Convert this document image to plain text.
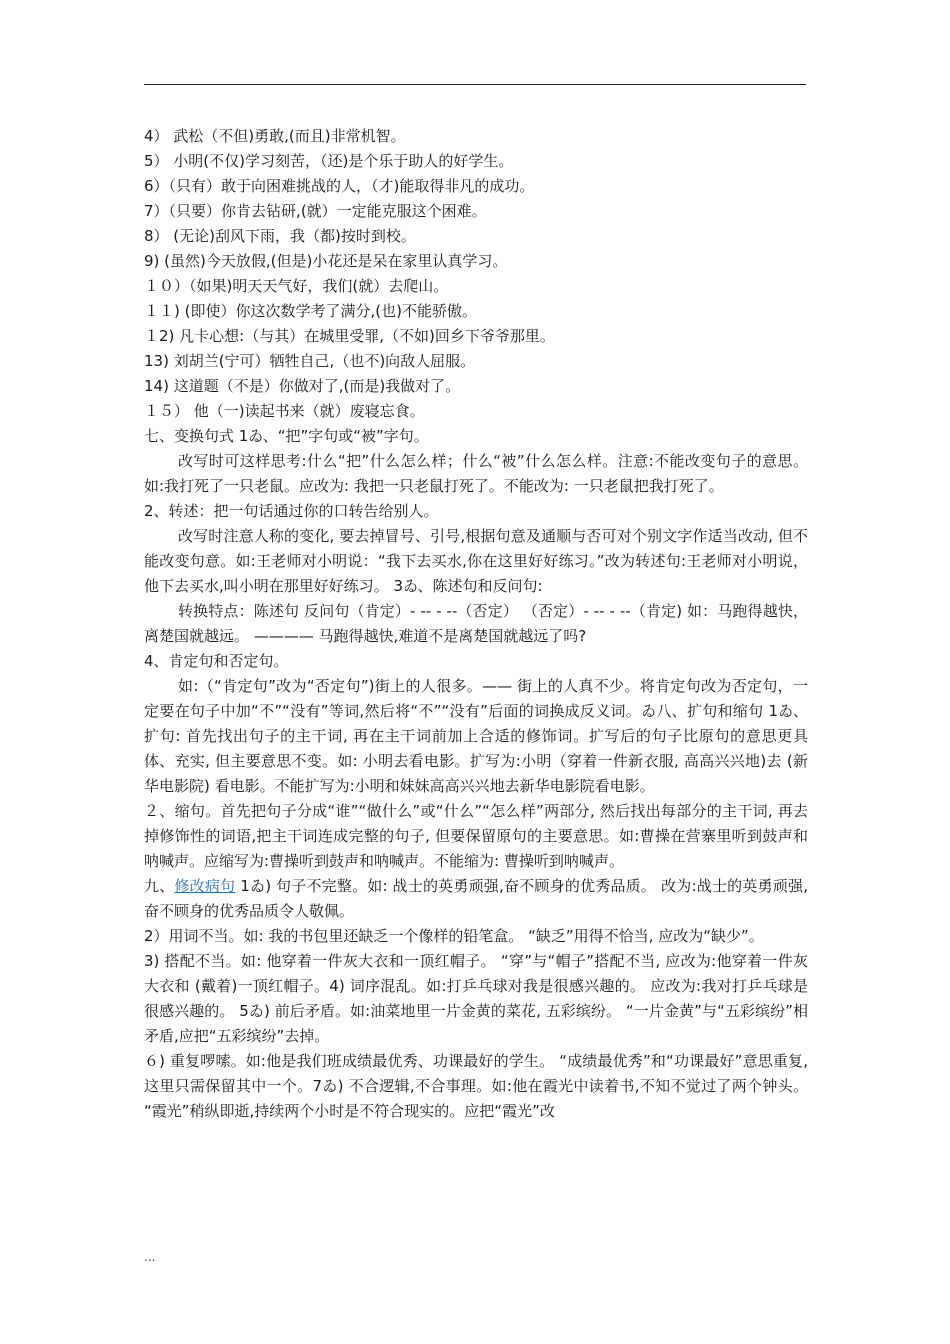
4） 武松（不但)勇敢,(而且)非常机智。

5） 小明(不仅)学习刻苦，（还)是个乐于助人的好学生。

6）（只有）敢于向困难挑战的人，（才)能取得非凡的成功。

7）（只要）你肯去钻研,(就）一定能克服这个困难。

8） (无论)刮风下雨，我（都)按时到校。

9) (虽然)今天放假,(但是)小花还是呆在家里认真学习。

１０）（如果)明天天气好，我们(就）去爬山。

１１) (即使）你这次数学考了满分,(也)不能骄傲。

１2) 凡卡心想:（与其）在城里受罪,（不如)回乡下爷爷那里。

13) 刘胡兰(宁可）牺牲自己,（也不)向敌人屈服。

14) 这道题（不是）你做对了,(而是)我做对了。

１５） 他（一)读起书来（就）废寝忘食。

七、变换句式 1ゐ、“把”字句或“被”字句。

改写时可这样思考:什么“把”什么怎么样；什么“被”什么怎么样。注意:不能改变句子的意思。如:我打死了一只老鼠。应改为: 我把一只老鼠打死了。不能改为: 一只老鼠把我打死了。

2、转述：把一句话通过你的口转告给别人。

改写时注意人称的变化, 要去掉冒号、引号,根据句意及通顺与否可对个别文字作适当改动, 但不能改变句意。如:王老师对小明说：“我下去买水,你在这里好好练习。”改为转述句:王老师对小明说，他下去买水,叫小明在那里好好练习。 3ゐ、陈述句和反问句:

转换特点：陈述句 反问句（肯定）- -- - --（否定） （否定）- -- - --（肯定) 如：马跑得越快，离楚国就越远。 ———— 马跑得越快,难道不是离楚国就越远了吗?

4、肯定句和否定句。

如:（“肯定句”改为“否定句”)街上的人很多。—— 街上的人真不少。将肯定句改为否定句，一定要在句子中加“不”“没有”等词,然后将“不”“没有”后面的词换成反义词。ゐ八、扩句和缩句 1ゐ、扩句: 首先找出句子的主干词, 再在主干词前加上合适的修饰词。扩写后的句子比原句的意思更具体、充实, 但主要意思不变。如: 小明去看电影。扩写为:小明（穿着一件新衣服, 高高兴兴地)去 (新华电影院) 看电影。不能扩写为:小明和妹妹高高兴兴地去新华电影院看电影。

２、缩句。首先把句子分成“谁”“做什么”或“什么”“怎么样”两部分, 然后找出每部分的主干词, 再去掉修饰性的词语,把主干词连成完整的句子, 但要保留原句的主要意思。如:曹操在营寨里听到鼓声和呐喊声。应缩写为:曹操听到鼓声和呐喊声。不能缩为: 曹操听到呐喊声。

九、修改病句 1ゐ) 句子不完整。如: 战士的英勇顽强,奋不顾身的优秀品质。 改为:战士的英勇顽强,奋不顾身的优秀品质令人敬佩。

2）用词不当。如: 我的书包里还缺乏一个像样的铅笔盒。 “缺乏”用得不恰当, 应改为“缺少”。

3) 搭配不当。如: 他穿着一件灰大衣和一顶红帽子。 “穿”与“帽子”搭配不当, 应改为:他穿着一件灰大衣和 (戴着)一顶红帽子。4) 词序混乱。如:打乒乓球对我是很感兴趣的。 应改为:我对打乒乓球是很感兴趣的。 5ゐ) 前后矛盾。如:油菜地里一片金黄的菜花, 五彩缤纷。 “一片金黄”与“五彩缤纷”相矛盾,应把“五彩缤纷”去掉。

６) 重复啰嗦。如:他是我们班成绩最优秀、功课最好的学生。 “成绩最优秀”和“功课最好”意思重复, 这里只需保留其中一个。7ゐ) 不合逻辑,不合事理。如:他在霞光中读着书,不知不觉过了两个钟头。 “霞光”稍纵即逝,持续两个小时是不符合现实的。应把“霞光”改

...
